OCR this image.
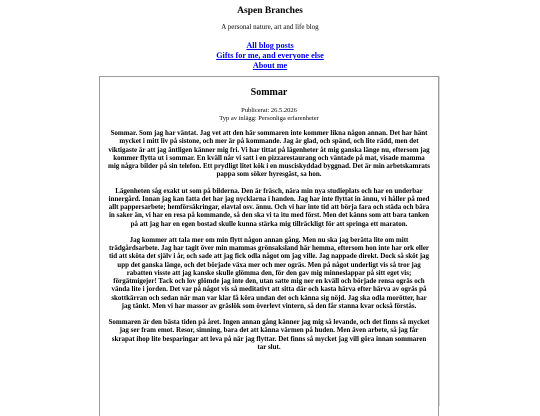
Aspen Branches
A personal nature, art and life blog
All blog posts
Gifts for me, and everyone else
About me
Sommar
Publicerat: 26.5.2026
Typ av inlägg: Personliga erfarenheter

Sommar. Som jag har väntat. Jag vet att den här sommaren inte kommer likna någon annan. Det har hänt mycket i mitt liv på sistone, och mer är på kommande. Jag är glad, och spänd, och lite rädd, men det viktigaste är att jag äntligen känner mig fri. Vi har tittat på lägenheter åt mig ganska länge nu, eftersom jag kommer flytta ut i sommar. En kväll når vi satt i en pizzarestaurang och väntade på mat, visade mamma mig några bilder på sin telefon. Ett prydligt litet kök i en musciskyddad byggnad. Det är min arbetskamrats pappa som söker hyresgäst, sa hon.

Lägenheten såg exakt ut som på bilderna. Den är fräsch, nära min nya studieplats och har en underbar innergård. Innan jag kan fatta det har jag nycklarna i handen. Jag har inte flyttat in ännu, vi håller på med allt pappersarbete; hemförsäkringar, elavtal osv. ännu. Och vi har inte tid att börja fara och städa och bära in saker än, vi har en resa på kommande, så den ska vi ta itu med först. Men det känns som att bara tanken på att jag har en egen bostad skulle kunna stärka mig tillräckligt för att springa ett maraton.

Jag kommer att tala mer om min flytt någon annan gång. Men nu ska jag berätta lite om mitt trädgårdsarbete. Jag har tagit över min mammas grönsaksland här hemma, eftersom hon inte har ork eller tid att sköta det själv i år, och sade att jag fick odla något om jag ville. Jag nappade direkt. Dock så sköt jag upp det ganska länge, och det började växa mer och mer ogräs. Men på något underligt vis så tror jag rabatten visste att jag kanske skulle glömma den, för den gav mig minneslappar på sitt eget vis; förgätmigejer! Tack och lov glömde jag inte den, utan satte mig ner en kväll och började rensa ogräs och vända lite i jorden. Det var på något vis så meditativt att sitta där och kasta härva efter härva av ogräs på skottkärran och sedan när man var klar få köra undan det och känna sig nöjd. Jag ska odla morötter, har jag tänkt. Men vi har massor av gräslök som överlevt vintern, så den får stanna kvar också förstås.

Sommaren är den bästa tiden på året. Ingen annan gång känner jag mig så levande, och det finns så mycket jag ser fram emot. Resor, simning, bara det att känna värmen på huden. Men även arbete, så jag får skrapat ihop lite besparingar att leva på när jag flyttar. Det finns så mycket jag vill göra innan sommaren tar slut.
